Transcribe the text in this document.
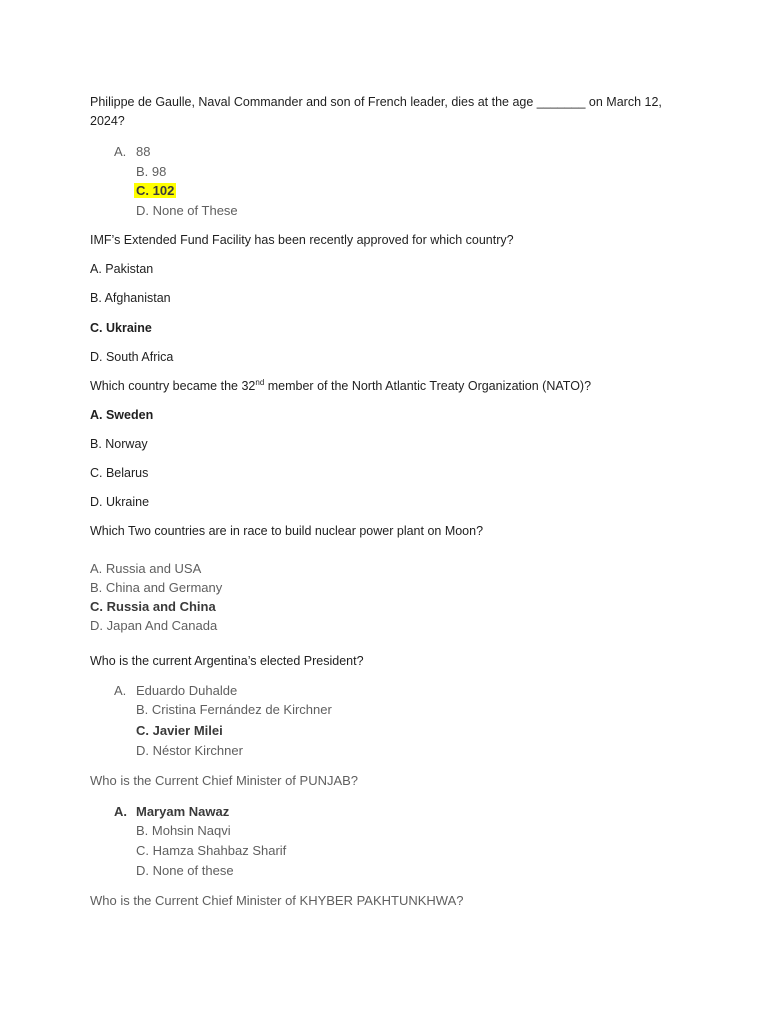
Philippe de Gaulle, Naval Commander and son of French leader, dies at the age _______ on March 12,
2024?
A. 88
B. 98
C. 102
D. None of These
IMF’s Extended Fund Facility has been recently approved for which country?
A. Pakistan
B. Afghanistan
C. Ukraine
D. South Africa
Which country became the 32nd member of the North Atlantic Treaty Organization (NATO)?
A. Sweden
B. Norway
C. Belarus
D. Ukraine
Which Two countries are in race to build nuclear power plant on Moon?
A. Russia and USA
B. China and Germany
C. Russia and China
D. Japan And Canada
Who is the current Argentina’s elected President?
A. Eduardo Duhalde
B. Cristina Fernández de Kirchner
C. Javier Milei
D. Néstor Kirchner
Who is the Current Chief Minister of PUNJAB?
A. Maryam Nawaz
B. Mohsin Naqvi
C. Hamza Shahbaz Sharif
D. None of these
Who is the Current Chief Minister of KHYBER PAKHTUNKHWA?
